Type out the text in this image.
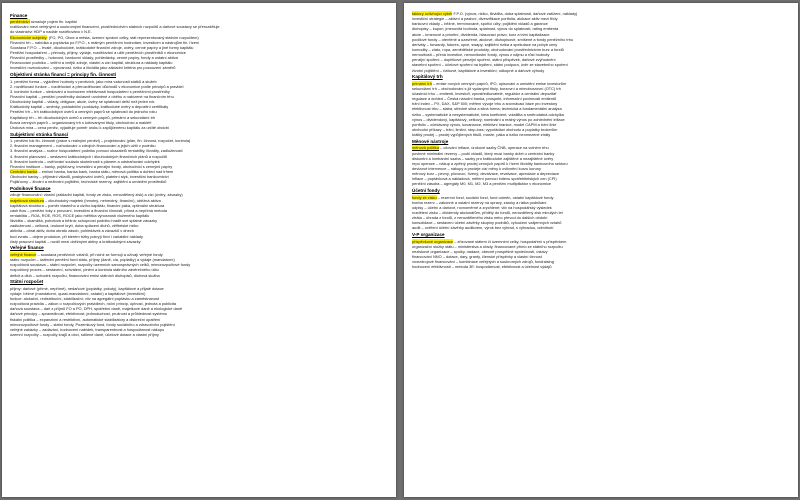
Finance
peněžnictví označuje pojem fin. kapitál
rozlišování mezi veřejnými a soukromými financemi, prostředníctvím státních rozpočtů a daňové soustavy se přerozděluje
do vlastnictví HDP a nadále rozdělováno v N.E.
Ekonomické subjekty: (FO, PO, Obce a města, územní správní celky, stát reprezentovaný státním rozpočtem)
Finanční trh – nabídka a poptávka po F.P.O., s reálným peněžním hodnotám, investicím a nástrojům fin. řízení
Soustava F.P.O. – trvalé, dlouhodobé, krátkodobé finanční zdroje, úvěry, cenné papíry a jiné formy kapitálu
Peněžní hospodaření – převody, příjmy, výdaje, rozdělování a užití peněžních prostředků v ekonomice
Finanční prostředky – hotovost, bankovní vklady, pohledávky, cenné papíry, fondy a ostatní aktiva
Financování podniku – vnitřní a vnější zdroje, vlastní a cizí kapitál, struktura a náklady kapitálu
Investiční rozhodování – výnosnost, riziko a likvidita jako základní kritéria pro posouzení záměrů
Objektivní stránka financí = principy fin. činností
1. peněžní forma – vyjádření hodnoty v penězích, jako míra vzácnosti statků a služeb
2. rozdělovací funkce – rozdělování a přerozdělování důchodů v ekonomice podle principů a pravidel
3. kontrolní funkce – sledování a hodnocení efektivnosti hospodaření s peněžními prostředky
Finanční kapitál – peněžní prostředky dočasně uvolněné z oběhu a nabízené na finančním trhu
Dlouhodobý kapitál – vklady, obligace, akcie, úvěry se splatností delší než jeden rok
Krátkodobý kapitál – směnky, pokladniční poukázky, krátkodobé úvěry a depozitní certifikáty
Peněžní trh – trh krátkodobých úvěrů a cenných papírů se splatností do jednoho roku
Kapitálový trh – trh dlouhodobých úvěrů a cenných papírů, primární a sekundární trh
Burza cenných papírů – organizovaný trh s kótovanými tituly, obchodníci a makléři
Úroková míra – cena peněz, vyjadřuje poměr úroku k zapůjčenému kapitálu za určité období
Subjektivní stránka financí
1. peněžní tok fin. činností (práce s reálnými penězi) – projektování (plán, fin. činnost, rozpočet, kontrola)
2. finanční management – rozhodování o zdrojích financování a jejich užití v podniku
3. finanční analýza – rozbor hospodaření podniku pomocí ukazatelů rentability, likvidity, zadluženosti
4. finanční plánování – sestavení krátkodobých i dlouhodobých finančních plánů a rozpočtů
5. finanční kontrola – ověřování souladu skutečnosti s plánem a odstraňování odchylek
Finanční instituce – banky, pojišťovny, investiční a penzijní fondy, obchodníci s cennými papíry
Centrální banka – emisní banka, banka bank, banka státu, měnová politika a dohled nad trhem
Obchodní banky – přijímání vkladů, poskytování úvěrů, platební styk, investiční bankovnictví
Pojišťovny – životní a neživotní pojištění, technické rezervy, zajištění a umístění prostředků
Podnikové finance
zdroje financování: vlastní (základní kapitál, fondy ze zisku, nerozdělený zisk) a cizí (úvěry, závazky)
majetková struktura – dlouhodobý majetek (hmotný, nehmotný, finanční), oběžná aktiva
kapitálová struktura – poměr vlastního a cizího kapitálu, finanční páka, optimální struktura
cash flow – peněžní toky z provozní, investiční a finanční činnosti, přímá a nepřímá metoda
rentabilita – ROA, ROE, ROS, ROCE jako měřítka výnosnosti vloženého kapitálu
likvidita – okamžitá, pohotová a běžná; schopnost podniku hradit své splatné závazky
zadluženost – celková, úrokové krytí, doba splácení dluhů, věřitelské riziko
aktivita – obrat aktiv, doba obratu zásob, pohledávek a závazků v dnech
bod zvratu – objem produkce, při kterém tržby pokryjí fixní i variabilní náklady
čistý pracovní kapitál – rozdíl mezi oběžnými aktivy a krátkodobými závazky
Veřejné finance
veřejné finance – soustava peněžních vztahů, při nichž se formují a užívají veřejné fondy
státní rozpočet – ústřední peněžní fond státu, příjmy (daně, cla, poplatky) a výdaje (mandatorní)
rozpočtová soustava – státní rozpočet, rozpočty územních samosprávných celků, mimorozpočtové fondy
rozpočtový proces – sestavení, schválení, plnění a kontrola státního závěrečného účtu
deficit a dluh – schodek rozpočtu, financování emisí státních dluhopisů, dluhová služba
Státní rozpočet
příjmy: daňové (přímé, nepřímé), nedaňové (poplatky, pokuty), kapitálové a přijaté dotace
výdaje: běžné (mandatorní, quasi-mandatorní, ostatní) a kapitálové (investiční)
funkce: alokační, redistribuční, stabilizační; vliv na agregátní poptávku a zaměstnanost
rozpočtová pravidla – zákon o rozpočtových pravidlech, roční princip, úplnost, jednota a publicita
daňová soustava – daň z příjmů FO a PO, DPH, spotřební daně, majetkové daně a ekologické daně
daňové principy – spravedlnost, efektivnost, jednoduchost, pružnost a průhlednost systému
fiskální politika – expanzivní a restriktivní, automatické stabilizátory a diskreční opatření
mimorozpočtové fondy – státní fondy, Pozemkový fond, fondy sociálního a zdravotního pojištění
veřejné zakázky – zadávání, hodnocení nabídek, transparentnost a hospodárnost nákupu
územní rozpočty – rozpočty krajů a obcí, sdílené daně, účelové dotace a vlastní příjmy
faktory ovlivňující výběr F.P.O. (výnos, riziko, likvidita, doba splatnosti, daňové zatížení, náklady)
investiční strategie – aktivní a pasivní, diverzifikace portfolia, alokace aktiv mezi třídy
bankovní vklady – běžné, termínované, spořicí účty; pojištění vkladů a garance
dluhopisy – kupon, jmenovitá hodnota, splatnost, výnos do splatnosti, rating emitenta
akcie – kmenové a prioritní, dividenda, hlasovací právo, kurz a tržní kapitalizace
podílové fondy – otevřené a uzavřené, akciové, dluhopisové, smíšené a fondy peněžního trhu
deriváty – forwardy, futures, opce, swapy; zajištění rizika a spekulace na pohyb ceny
komodity – zlato, ropa, zemědělské produkty; obchodování prostřednictvím burz a fondů
nemovitosti – přímá investice, nemovitostní fondy, výnos z nájmu a růst hodnoty
penzijní spoření – doplňkové penzijní spoření, státní příspěvek, daňové zvýhodnění
stavební spoření – účelové spoření na bydlení, státní podpora, úvěr ze stavebního spoření
životní pojištění – rizikové, kapitálové a investiční; odkupné a daňové výhody
Kapitálový trh
primární trh – emise nových cenných papírů, IPO, upisování a umístění emise investorům
sekundární trh – obchodování s již vydanými tituly, burzovní a mimoburzovní (OTC) trh
účastníci trhu – emitenti, investoři, zprostředkovatelé, regulátor a centrální depozitář
regulace a dohled – Česká národní banka, prospekt, informační povinnosti emitentů
tržní index – PX, DAX, S&P 500; měření vývoje trhu a srovnávací báze pro investory
efektivnost trhu – slabá, středně silná a silná forma; technická a fundamentální analýza
riziko – systematické a nesystematické, beta koeficient, volatilita a směrodatná odchylka
výnos – dividendový, kapitálový, celkový; nominální a reálný výnos po zohlednění inflace
portfolio – očekávaný výnos, kovariance, efektivní hranice, model CAPM a tržní linie
obchodní příkazy – tržní, limitní, stop-loss; vypořádání obchodu a poplatky brokerům
krátký prodej – prodej vypůjčených titulů, marže, páka a riziko neomezené ztráty
Měnové nástroje
měnová politika – cílování inflace, úrokové sazby ČNB, operace na volném trhu
povinné minimální rezervy – podíl vkladů, který musí banky držet u centrální banky
diskontní a lombardní sazba – sazby pro krátkodobé zajištěné a nezajištěné úvěry
repo operace – nákup a zpětný prodej cenných papírů k řízení likvidity bankovního sektoru
devizové intervence – nákupy a prodeje cizí měny k ovlivnění kurzu koruny
měnový kurz – pevný, plovoucí, řízený; devalvace, revalvace, apreciace a depreciace
inflace – poptávková a nákladová, měření pomocí indexu spotřebitelských cen (CPI)
peněžní zásoba – agregáty M0, M1, M2, M3 a peněžní multiplikátor v ekonomice
Účetní fondy
fondy ze zisku – rezervní fond, sociální fond, fond odměn, ostatní kapitálové fondy
tvorba rezerv – zákonné a ostatní rezervy na opravy, záruky a rizika podnikání
odpisy – účetní a daňové, rovnoměrné a zrychlené; vliv na hospodářský výsledek
rozdělení zisku – dividendy akcionářům, příděly do fondů, nerozdělený zisk minulých let
ztráta – úhrada z fondů, z nerozděleného zisku nebo převod do dalších období
konsolidace – sestavení účetní závěrky skupiny podniků, vyloučení vzájemných vztahů
audit – ověření účetní závěrky auditorem, výrok bez výhrad, s výhradou, odmítnutí
V-P organizace
příspěvkové organizace – zřizované státem či územními celky, hospodaření s příspěvkem
organizační složky státu – ministerstva a úřady, financované přímo ze státního rozpočtu
neziskové organizace – spolky, nadace, obecně prospěšné společnosti, ústavy
financování NNO – dotace, dary, granty, členské příspěvky a vlastní činnost
vícezdrojové financování – kombinace veřejných a soukromých zdrojů, fundraising
hodnocení efektivnosti – metoda 3E: hospodárnost, efektivnost a účelnost výdajů
